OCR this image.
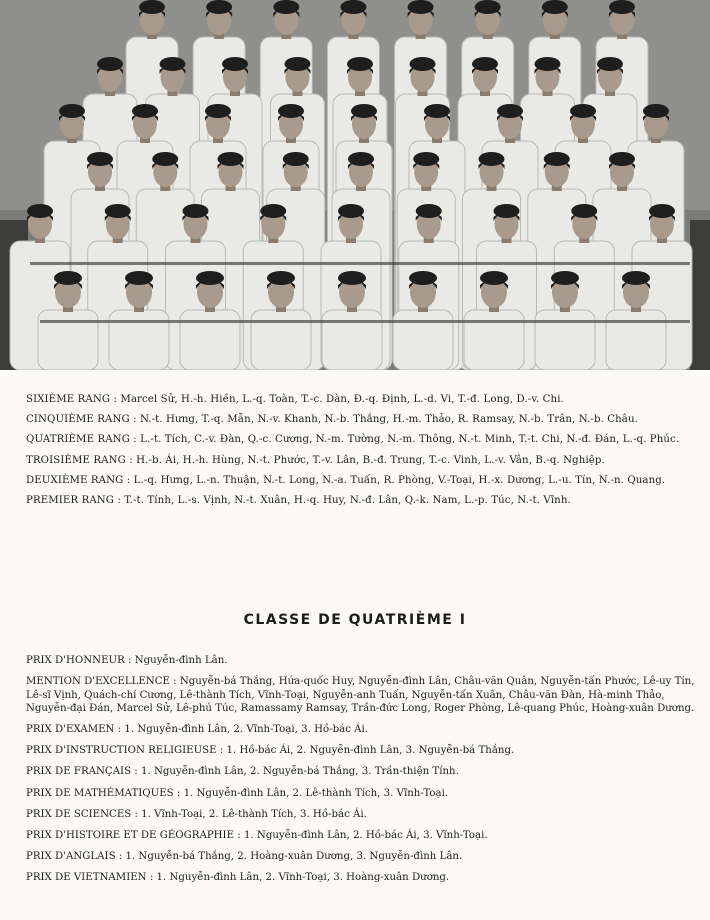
SIXIÈME RANG : Marcel Sử, H.-h. Hiền, L.-q. Toàn, T.-c. Dàn, Đ.-q. Định, L.-d. Vi, T.-đ. Long, D.-v. Chi.
CINQUIÈME RANG : N.-t. Hưng, T.-q. Mẫn, N.-v. Khanh, N.-b. Thắng, H.-m. Thảo, R. Ramsay, N.-b. Trân, N.-b. Châu.
QUATRIÈME RANG : L.-t. Tích, C.-v. Đàn, Q.-c. Cương, N.-m. Tường, N.-m. Thông, N.-t. Minh, T.-t. Chi, N.-đ. Đán, L.-q. Phúc.
TROISIÈME RANG : H.-b. Ái, H.-h. Hùng, N.-t. Phước, T.-v. Lân, B.-đ. Trung, T.-c. Vinh, L.-v. Vân, B.-q. Nghiệp.
DEUXIÈME RANG : L.-q. Hưng, L.-n. Thuận, N.-t. Long, N.-a. Tuấn, R. Phòng, V.-Toại, H.-x. Dương, L.-u. Tín, N.-n. Quang.
PREMIER RANG : T.-t. Tính, L.-s. Vịnh, N.-t. Xuân, H.-q. Huy, N.-đ. Lân, Q.-k. Nam, L.-p. Túc, N.-t. Vĩnh.
CLASSE DE QUATRIÈME I
PRIX D'HONNEUR : Nguyễn-đình Lân.
MENTION D'EXCELLENCE : Nguyễn-bá Thắng, Hứa-quốc Huy, Nguyễn-đình Lân, Châu-văn Quân, Nguyễn-tấn Phước, Lê-uy Tín, Lê-sĩ Vịnh, Quách-chí Cương, Lê-thành Tích, Vĩnh-Toại, Nguyễn-anh Tuấn, Nguyễn-tấn Xuân, Châu-văn Đàn, Hà-minh Thảo, Nguyễn-đại Đán, Marcel Sử, Lê-phú Túc, Ramassamy Ramsay, Trần-đức Long, Roger Phòng, Lê-quang Phúc, Hoàng-xuân Dương.
PRIX D'EXAMEN : 1. Nguyễn-đình Lân, 2. Vĩnh-Toại, 3. Hồ-bác Ái.
PRIX D'INSTRUCTION RELIGIEUSE : 1. Hồ-bác Ái, 2. Nguyễn-đình Lân, 3. Nguyễn-bá Thắng.
PRIX DE FRANÇAIS : 1. Nguyễn-đình Lân, 2. Nguyễn-bá Thắng, 3. Trần-thiện Tính.
PRIX DE MATHÉMATIQUES : 1. Nguyễn-đình Lân, 2. Lê-thành Tích, 3. Vĩnh-Toại.
PRIX DE SCIENCES : 1. Vĩnh-Toại, 2. Lê-thành Tích, 3. Hồ-bác Ái.
PRIX D'HISTOIRE ET DE GÉOGRAPHIE : 1. Nguyễn-đình Lân, 2. Hồ-bác Ái, 3. Vĩnh-Toại.
PRIX D'ANGLAIS : 1. Nguyễn-bá Thắng, 2. Hoàng-xuân Dương, 3. Nguyễn-đình Lân.
PRIX DE VIETNAMIEN : 1. Nguyễn-đình Lân, 2. Vĩnh-Toại, 3. Hoàng-xuân Dương.
